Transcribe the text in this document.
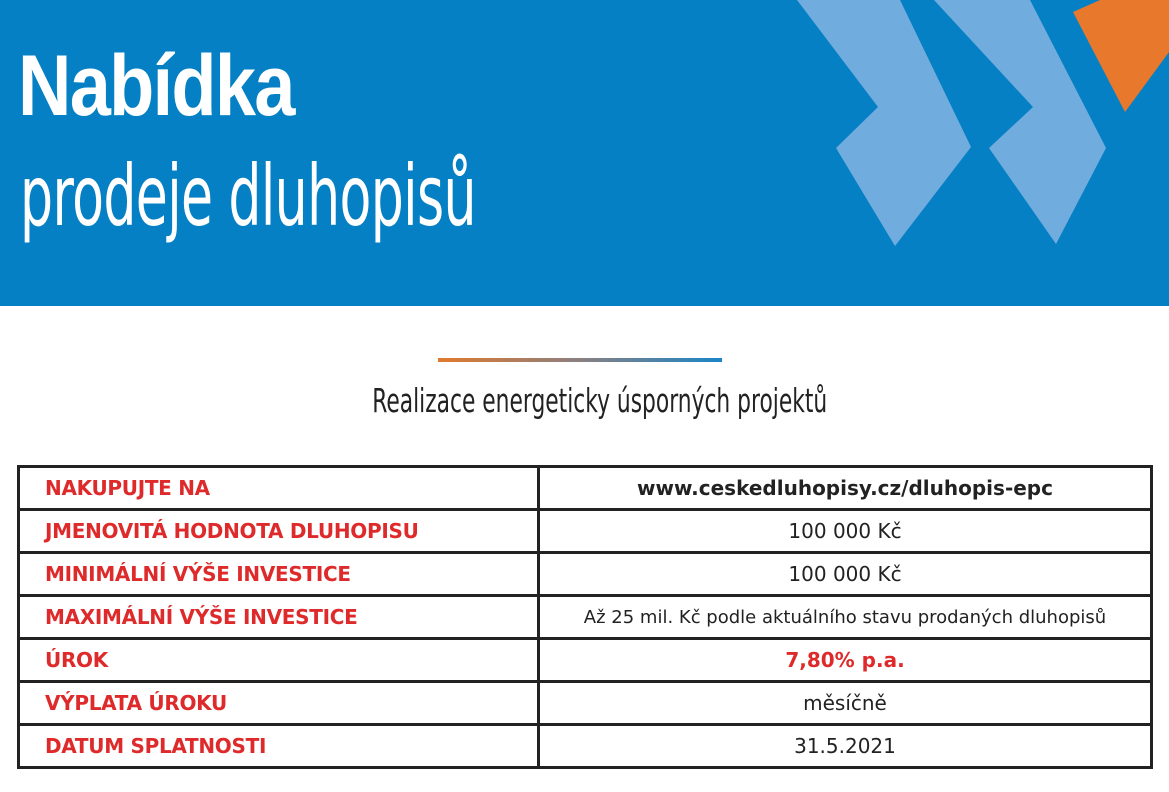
Nabídka
prodeje dluhopisů
Realizace energeticky úsporných projektů
NAKUPUJTE NA	www.ceskedluhopisy.cz/dluhopis-epc
JMENOVITÁ HODNOTA DLUHOPISU	100 000 Kč
MINIMÁLNÍ VÝŠE INVESTICE	100 000 Kč
MAXIMÁLNÍ VÝŠE INVESTICE	Až 25 mil. Kč podle aktuálního stavu prodaných dluhopisů
ÚROK	7,80% p.a.
VÝPLATA ÚROKU	měsíčně
DATUM SPLATNOSTI	31.5.2021
